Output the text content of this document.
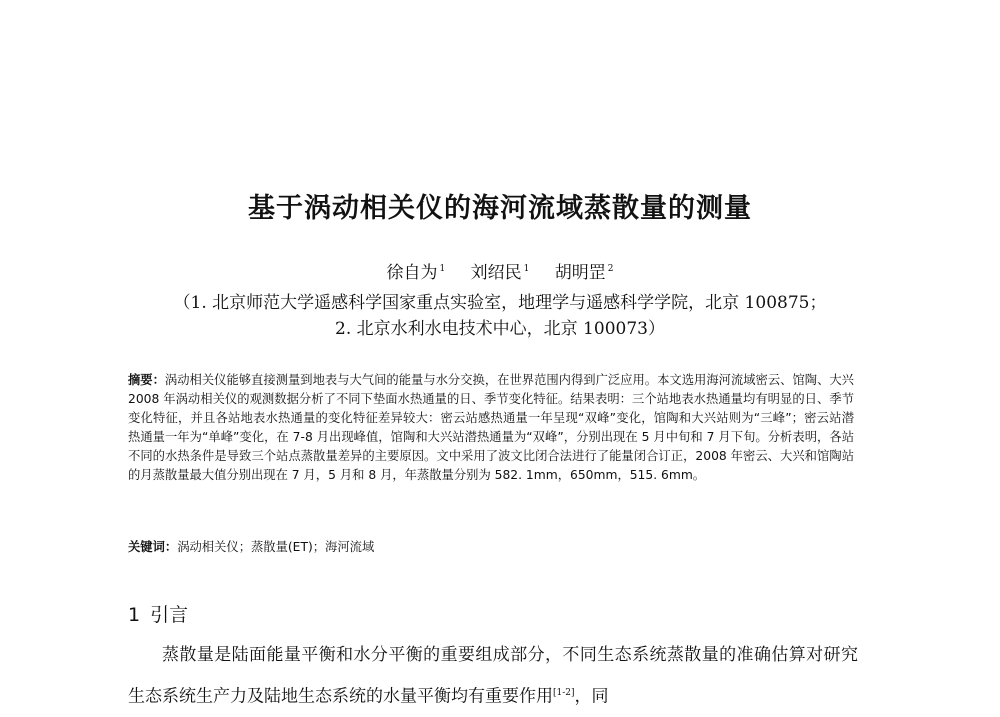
基于涡动相关仪的海河流域蒸散量的测量
徐自为 $^1$ 刘绍民 $^1$ 胡明罡 $^2$
（1. 北京师范大学遥感科学国家重点实验室，地理学与遥感科学学院，北京 100875；
2. 北京水利水电技术中心，北京 100073）
摘要：涡动相关仪能够直接测量到地表与大气间的能量与水分交换，在世界范围内得到广泛应用。本文选用海河流域密云、馆陶、大兴 2008 年涡动相关仪的观测数据分析了不同下垫面水热通量的日、季节变化特征。结果表明：三个站地表水热通量均有明显的日、季节变化特征，并且各站地表水热通量的变化特征差异较大：密云站感热通量一年呈现“双峰”变化，馆陶和大兴站则为“三峰”；密云站潜热通量一年为“单峰”变化，在 7-8 月出现峰值，馆陶和大兴站潜热通量为“双峰”，分别出现在 5 月中旬和 7 月下旬。分析表明，各站不同的水热条件是导致三个站点蒸散量差异的主要原因。文中采用了波文比闭合法进行了能量闭合订正，2008 年密云、大兴和馆陶站的月蒸散量最大值分别出现在 7 月，5 月和 8 月，年蒸散量分别为 582. 1mm，650mm，515. 6mm。
关键词：涡动相关仪；蒸散量(ET)；海河流域
1 引言
蒸散量是陆面能量平衡和水分平衡的重要组成部分，不同生态系统蒸散量的准确估算对研究生态系统生产力及陆地生态系统的水量平衡均有重要作用[1-2]，同
